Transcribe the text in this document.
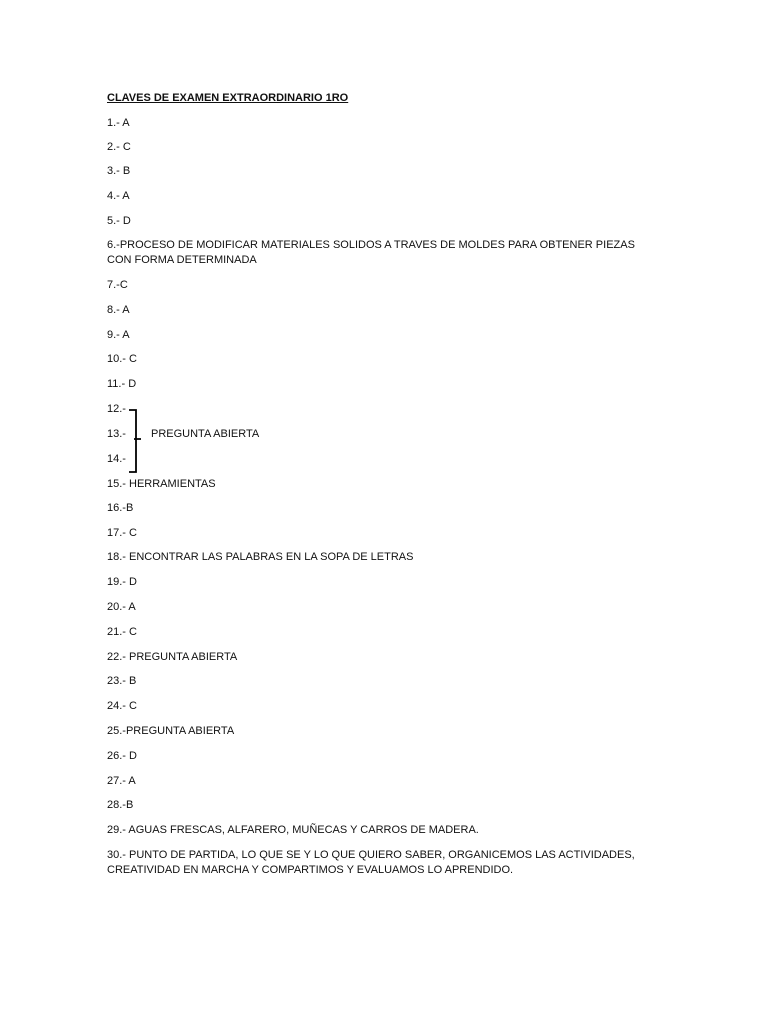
CLAVES DE EXAMEN EXTRAORDINARIO 1RO
1.- A
2.- C
3.- B
4.- A
5.- D
6.-PROCESO DE MODIFICAR MATERIALES SOLIDOS A TRAVES DE MOLDES PARA OBTENER PIEZAS
CON FORMA DETERMINADA
7.-C
8.- A
9.- A
10.- C
11.- D
12.-
13.-
14.-
15.- HERRAMIENTAS
16.-B
17.- C
18.- ENCONTRAR LAS PALABRAS EN LA SOPA DE LETRAS
19.- D
20.- A
21.- C
22.- PREGUNTA ABIERTA
23.- B
24.- C
25.-PREGUNTA ABIERTA
26.- D
27.- A
28.-B
29.- AGUAS FRESCAS, ALFARERO, MUÑECAS Y CARROS DE MADERA.
30.- PUNTO DE PARTIDA, LO QUE SE Y LO QUE QUIERO SABER, ORGANICEMOS LAS ACTIVIDADES,
CREATIVIDAD EN MARCHA Y COMPARTIMOS Y EVALUAMOS LO APRENDIDO.
PREGUNTA ABIERTA
